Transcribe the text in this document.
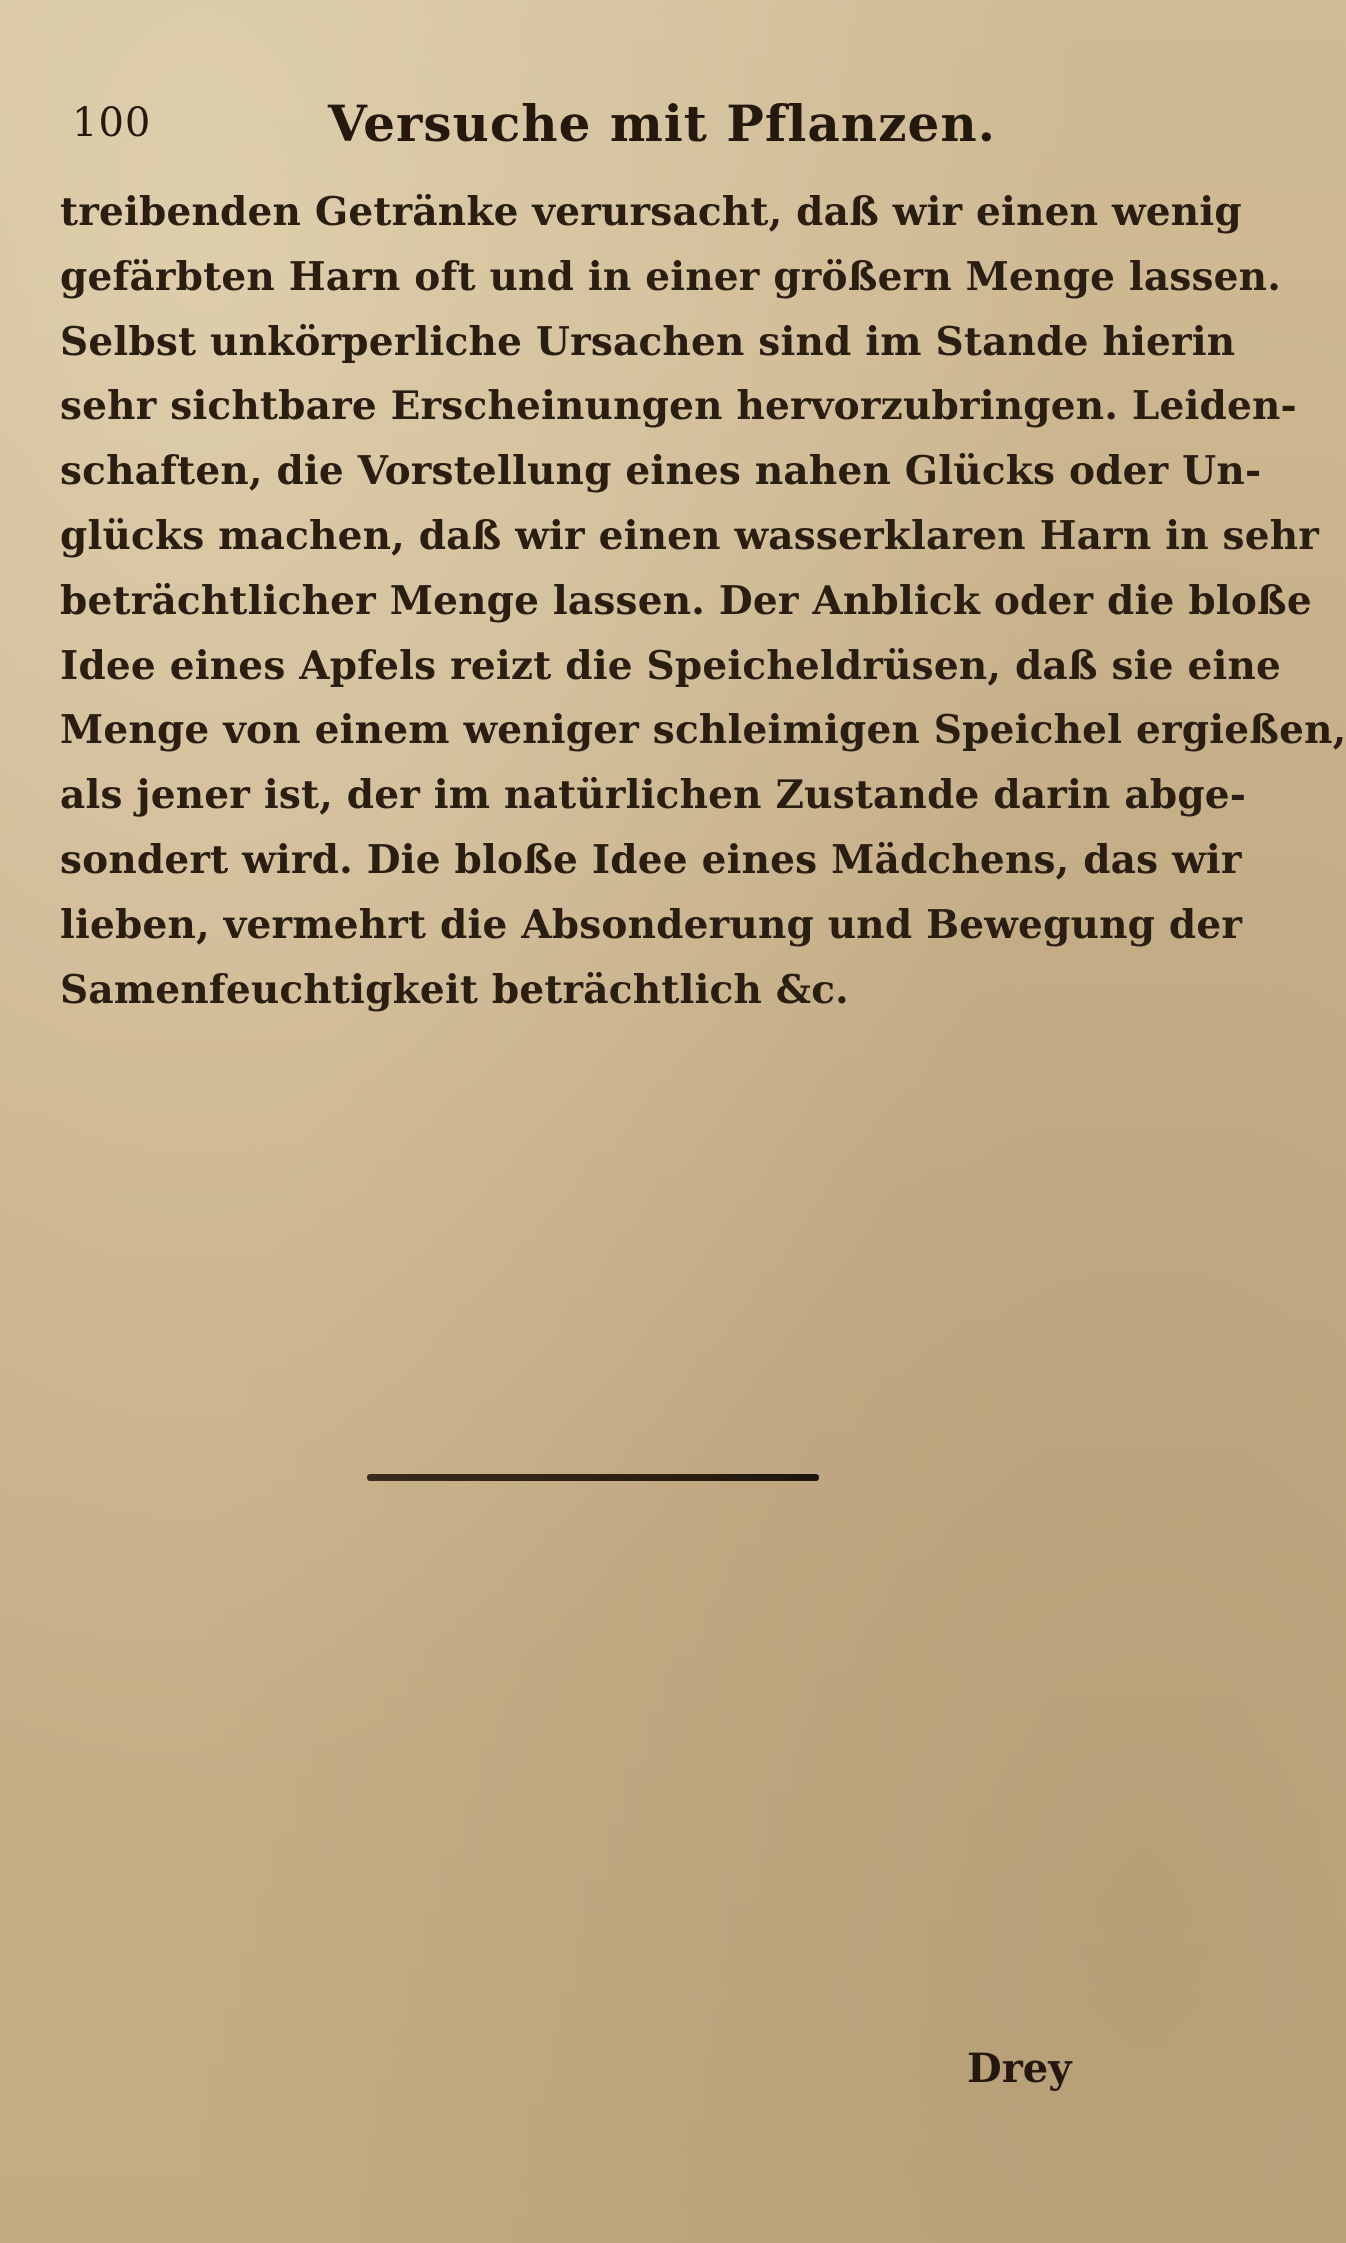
100	Versuche mit Pflanzen.
treibenden Getränke verursacht, daß wir einen wenig
gefärbten Harn oft und in einer größern Menge lassen.
Selbst unkörperliche Ursachen sind im Stande hierin
sehr sichtbare Erscheinungen hervorzubringen. Leiden-
schaften, die Vorstellung eines nahen Glücks oder Un-
glücks machen, daß wir einen wasserklaren Harn in sehr
beträchtlicher Menge lassen. Der Anblick oder die bloße
Idee eines Apfels reizt die Speicheldrüsen, daß sie eine
Menge von einem weniger schleimigen Speichel ergießen,
als jener ist, der im natürlichen Zustande darin abge-
sondert wird. Die bloße Idee eines Mädchens, das wir
lieben, vermehrt die Absonderung und Bewegung der
Samenfeuchtigkeit beträchtlich &c.
Drey
